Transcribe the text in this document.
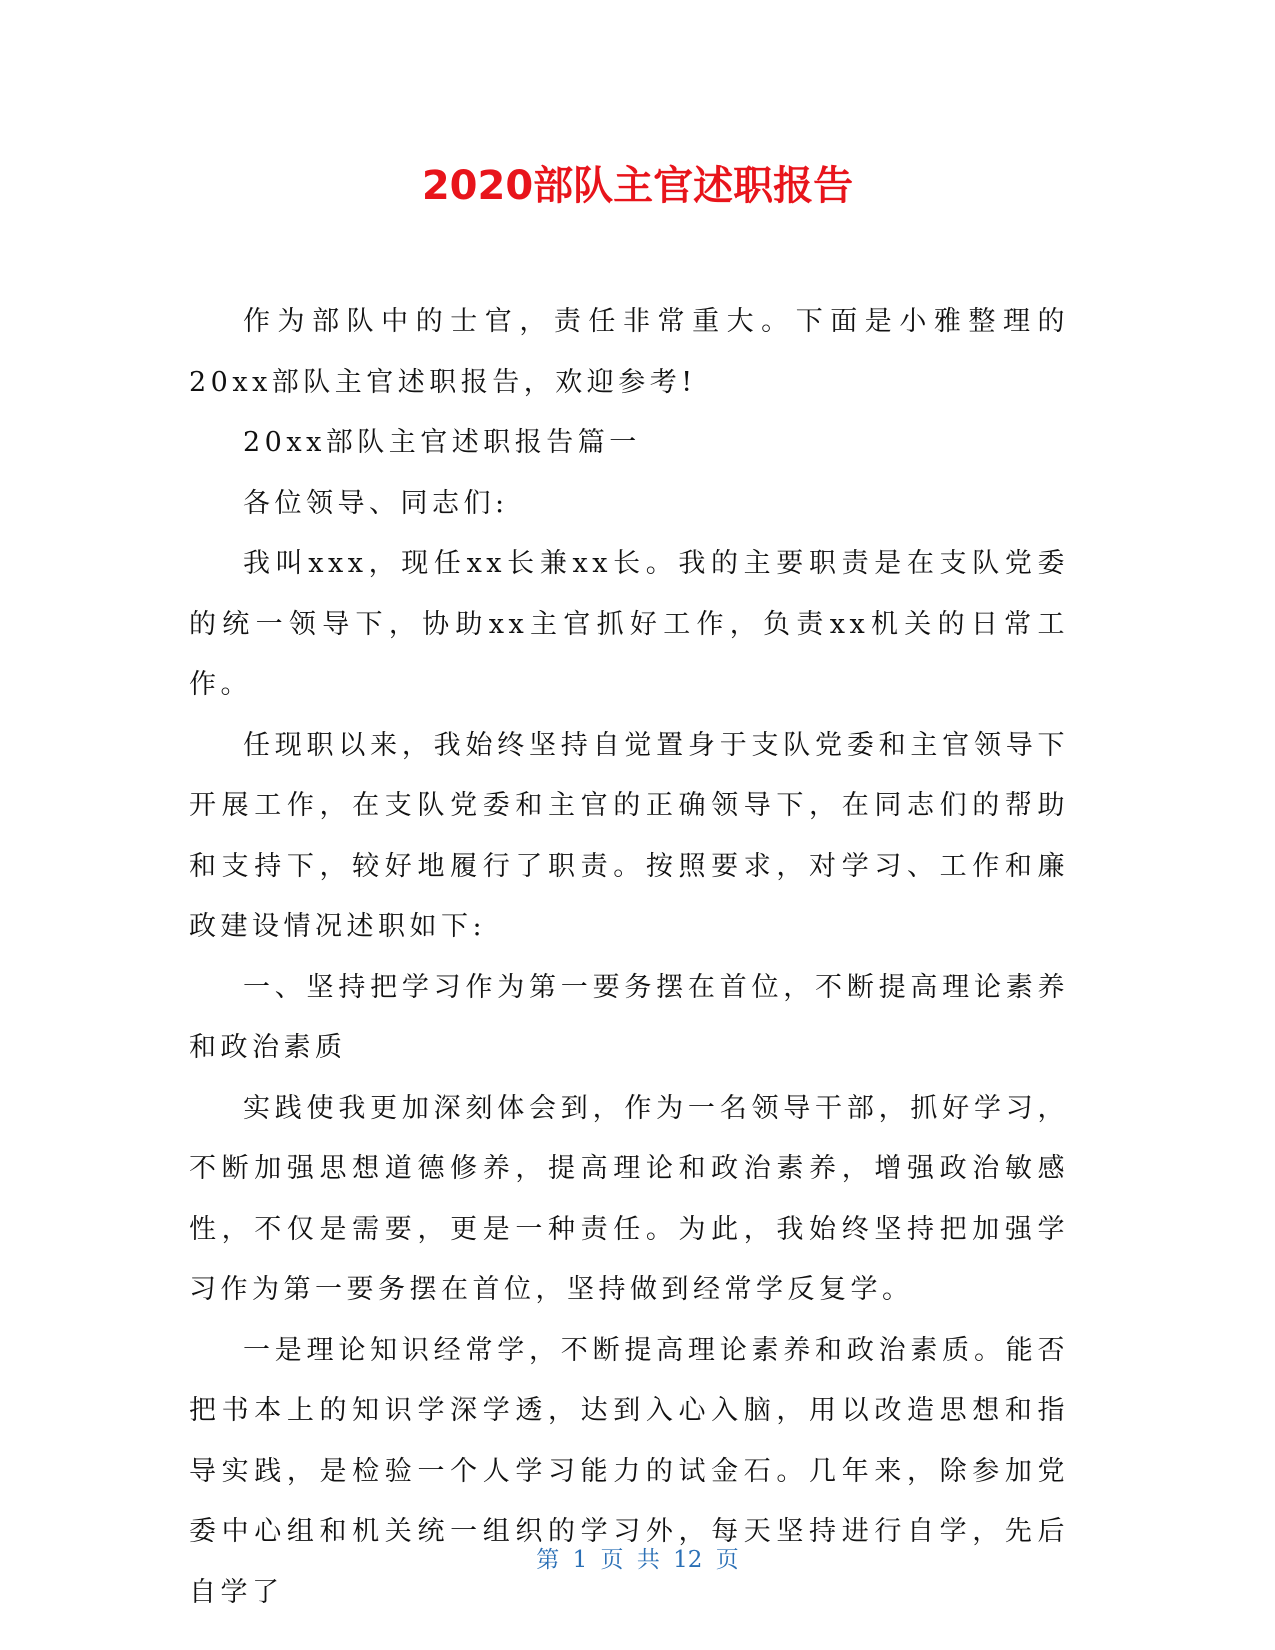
2020部队主官述职报告

作为部队中的士官，责任非常重大。下面是小雅整理的20xx部队主官述职报告，欢迎参考!

20xx部队主官述职报告篇一

各位领导、同志们:

我叫xxx，现任xx长兼xx长。我的主要职责是在支队党委的统一领导下，协助xx主官抓好工作，负责xx机关的日常工作。

任现职以来，我始终坚持自觉置身于支队党委和主官领导下开展工作，在支队党委和主官的正确领导下，在同志们的帮助和支持下，较好地履行了职责。按照要求，对学习、工作和廉政建设情况述职如下:

一、坚持把学习作为第一要务摆在首位，不断提高理论素养和政治素质

实践使我更加深刻体会到，作为一名领导干部，抓好学习，不断加强思想道德修养，提高理论和政治素养，增强政治敏感性，不仅是需要，更是一种责任。为此，我始终坚持把加强学习作为第一要务摆在首位，坚持做到经常学反复学。

一是理论知识经常学，不断提高理论素养和政治素质。能否把书本上的知识学深学透，达到入心入脑，用以改造思想和指导实践，是检验一个人学习能力的试金石。几年来，除参加党委中心组和机关统一组织的学习外，每天坚持进行自学，先后自学了

第 1 页 共 12 页
